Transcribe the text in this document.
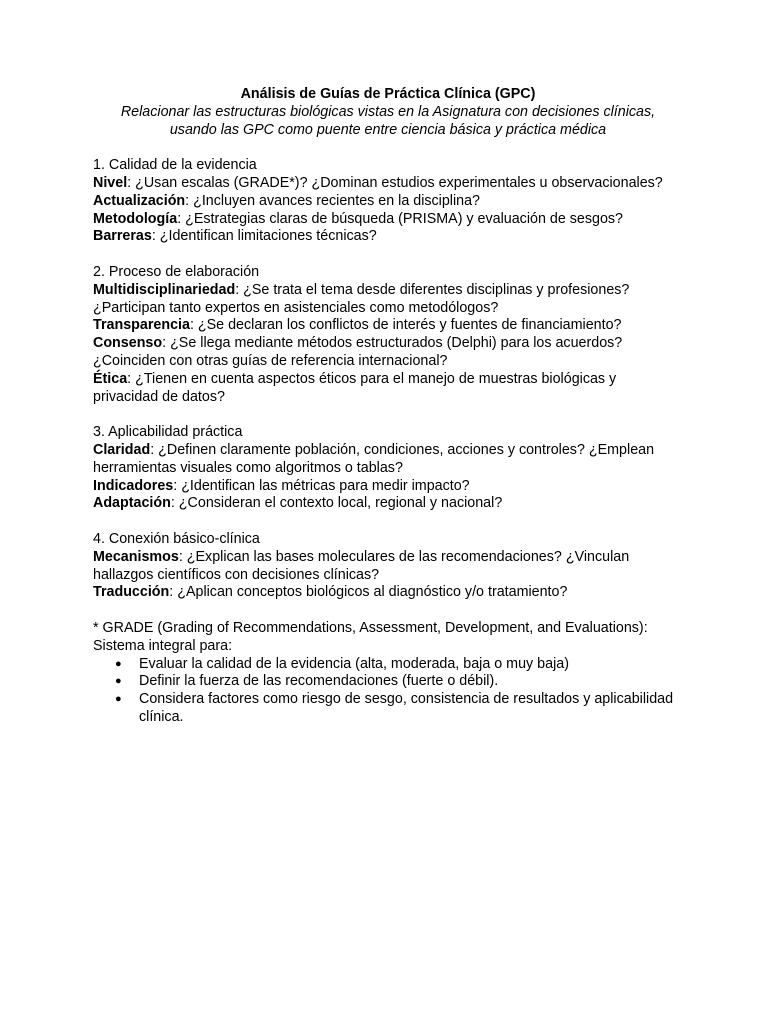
Análisis de Guías de Práctica Clínica (GPC)

Relacionar las estructuras biológicas vistas en la Asignatura con decisiones clínicas,

usando las GPC como puente entre ciencia básica y práctica médica

1. Calidad de la evidencia

Nivel: ¿Usan escalas (GRADE*)? ¿Dominan estudios experimentales u observacionales?

Actualización: ¿Incluyen avances recientes en la disciplina?

Metodología: ¿Estrategias claras de búsqueda (PRISMA) y evaluación de sesgos?

Barreras: ¿Identifican limitaciones técnicas?

2. Proceso de elaboración

Multidisciplinariedad: ¿Se trata el tema desde diferentes disciplinas y profesiones? ¿Participan tanto expertos en asistenciales como metodólogos?

Transparencia: ¿Se declaran los conflictos de interés y fuentes de financiamiento?

Consenso: ¿Se llega mediante métodos estructurados (Delphi) para los acuerdos? ¿Coinciden con otras guías de referencia internacional?

Ética: ¿Tienen en cuenta aspectos éticos para el manejo de muestras biológicas y privacidad de datos?

3. Aplicabilidad práctica

Claridad: ¿Definen claramente población, condiciones, acciones y controles? ¿Emplean herramientas visuales como algoritmos o tablas?

Indicadores: ¿Identifican las métricas para medir impacto?

Adaptación: ¿Consideran el contexto local, regional y nacional?

4. Conexión básico-clínica

Mecanismos: ¿Explican las bases moleculares de las recomendaciones? ¿Vinculan hallazgos científicos con decisiones clínicas?

Traducción: ¿Aplican conceptos biológicos al diagnóstico y/o tratamiento?

* GRADE (Grading of Recommendations, Assessment, Development, and Evaluations): Sistema integral para:

● Evaluar la calidad de la evidencia (alta, moderada, baja o muy baja)
● Definir la fuerza de las recomendaciones (fuerte o débil).
● Considera factores como riesgo de sesgo, consistencia de resultados y aplicabilidad clínica.
